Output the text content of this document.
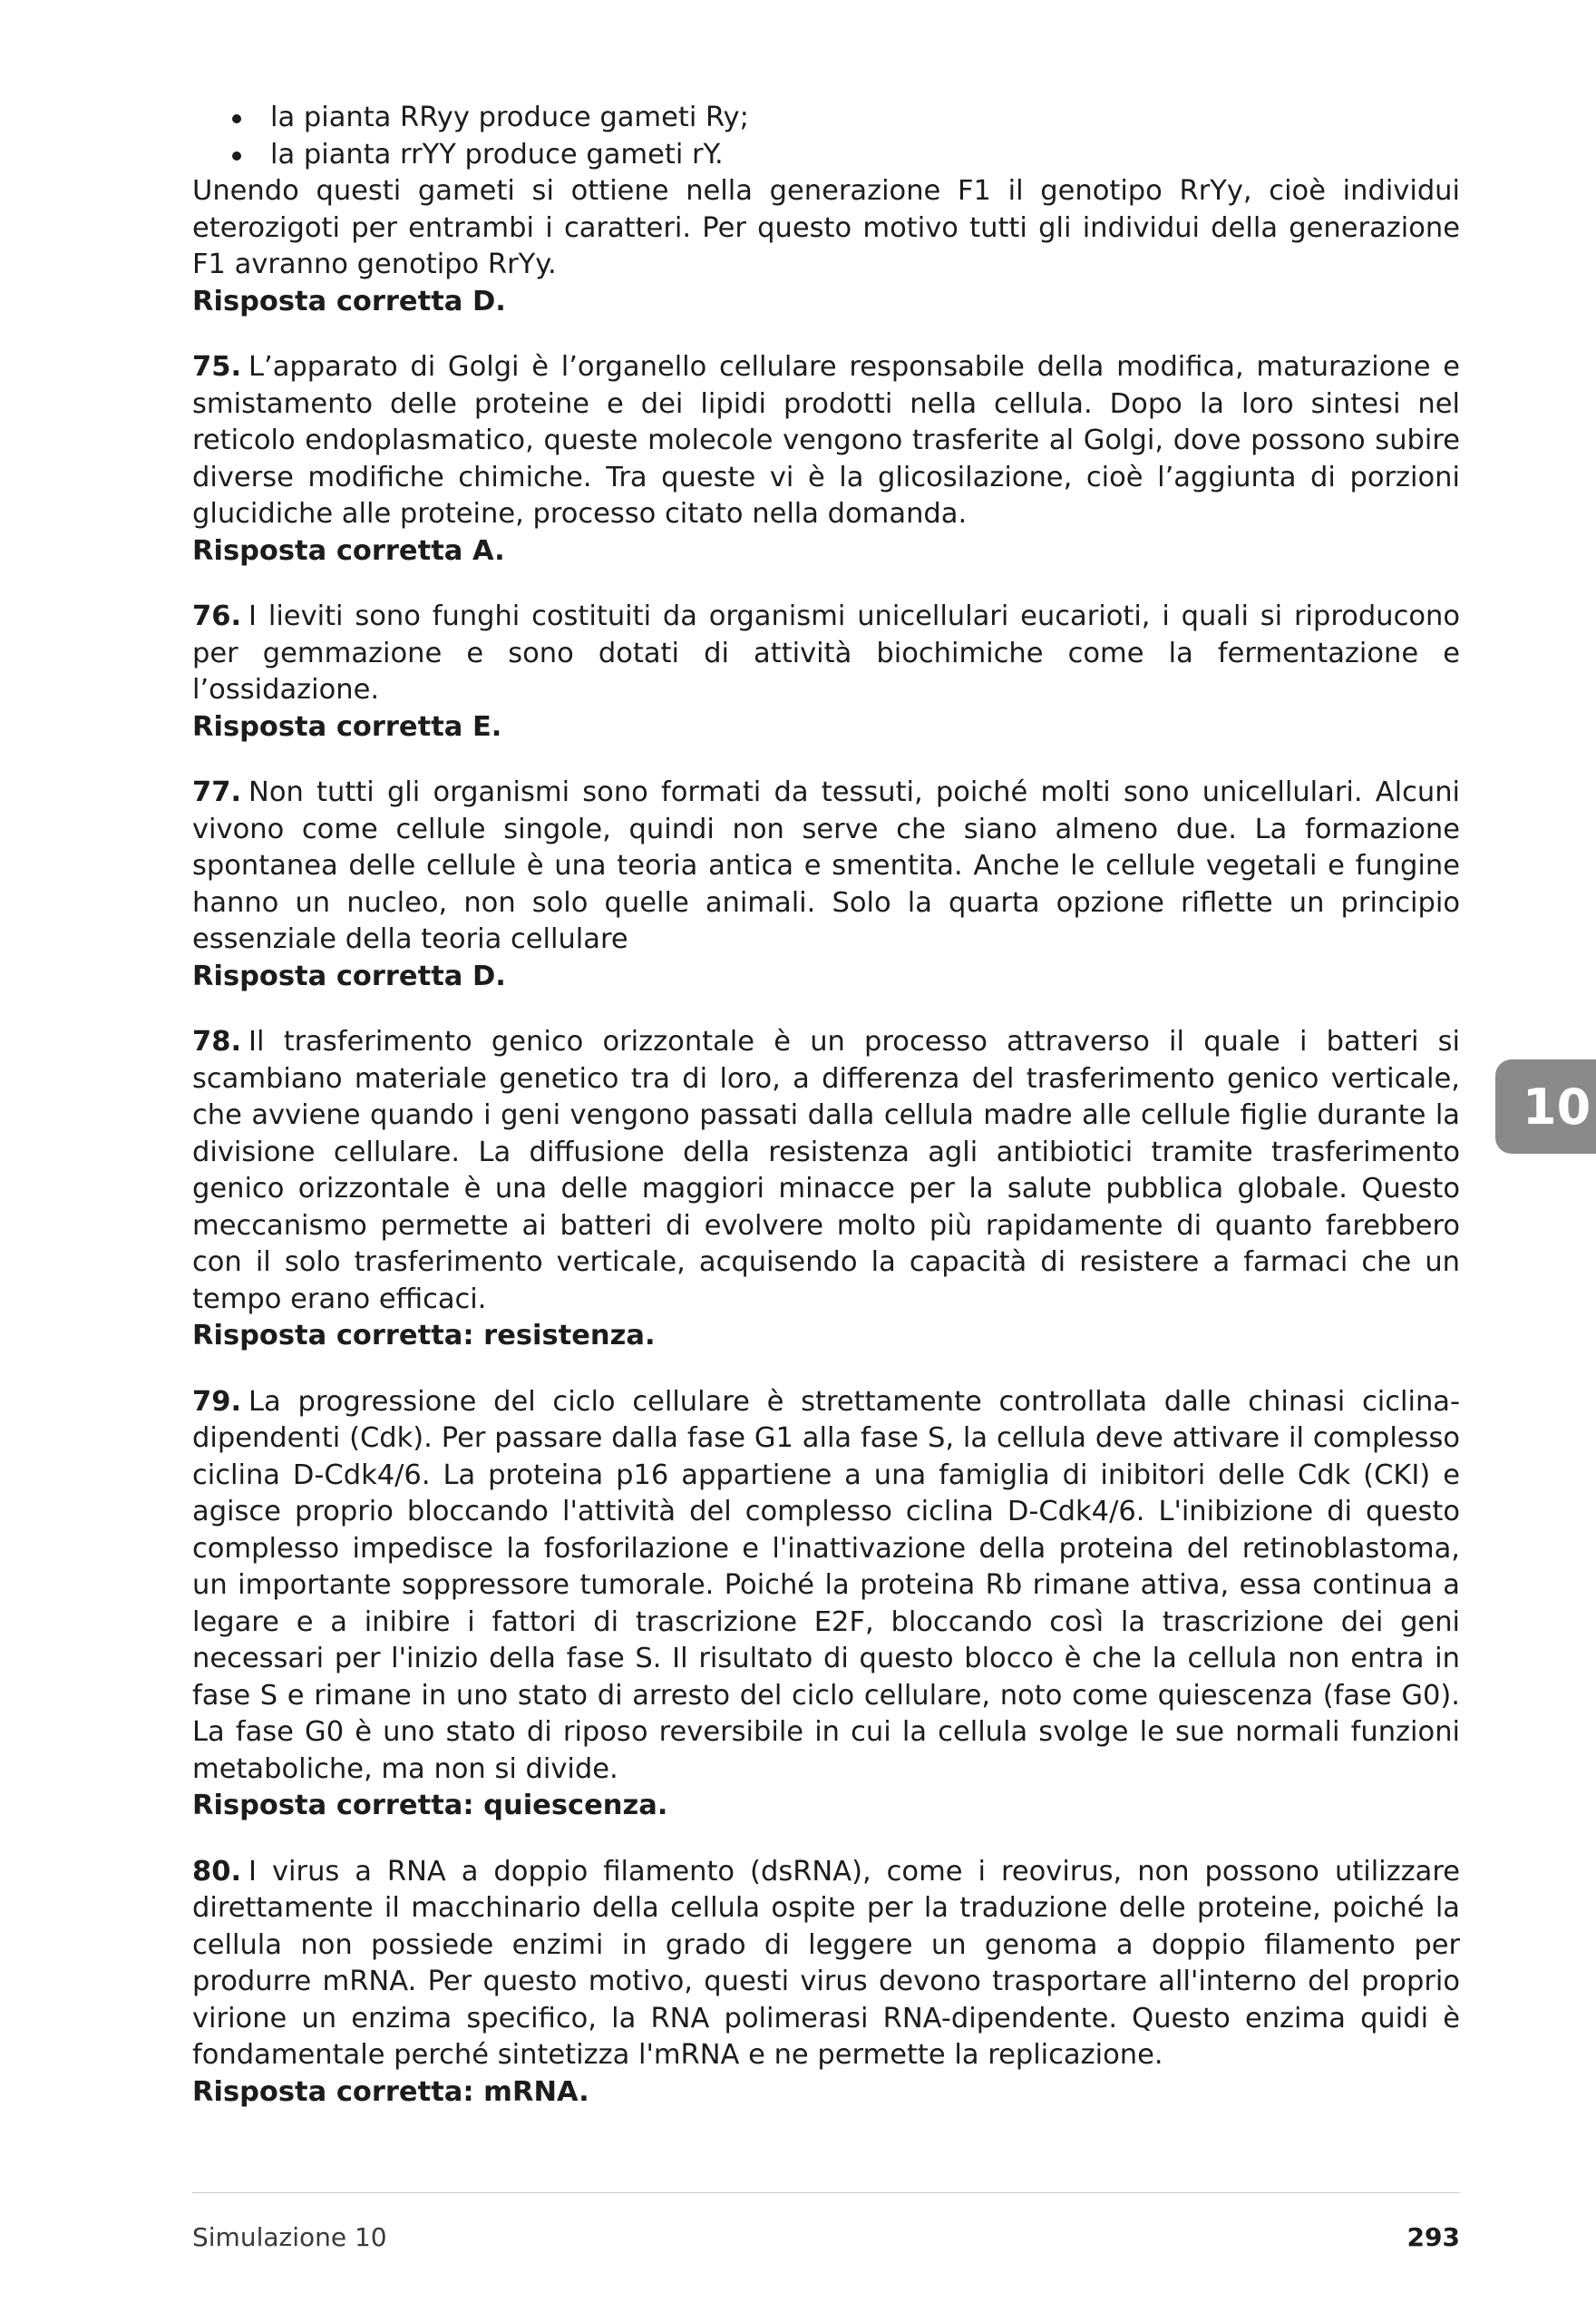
la pianta RRyy produce gameti Ry;
la pianta rrYY produce gameti rY.

Unendo questi gameti si ottiene nella generazione F1 il genotipo RrYy, cioè individui eterozigoti per entrambi i caratteri. Per questo motivo tutti gli individui della generazione F1 avranno genotipo RrYy.

Risposta corretta D.

75. L’apparato di Golgi è l’organello cellulare responsabile della modifica, maturazione e smistamento delle proteine e dei lipidi prodotti nella cellula. Dopo la loro sintesi nel reticolo endoplasmatico, queste molecole vengono trasferite al Golgi, dove possono subire diverse modifiche chimiche. Tra queste vi è la glicosilazione, cioè l’aggiunta di porzioni glucidiche alle proteine, processo citato nella domanda.

Risposta corretta A.

76. I lieviti sono funghi costituiti da organismi unicellulari eucarioti, i quali si riproducono per gemmazione e sono dotati di attività biochimiche come la fermentazione e l’ossidazione.

Risposta corretta E.

77. Non tutti gli organismi sono formati da tessuti, poiché molti sono unicellulari. Alcuni vivono come cellule singole, quindi non serve che siano almeno due. La formazione spontanea delle cellule è una teoria antica e smentita. Anche le cellule vegetali e fungine hanno un nucleo, non solo quelle animali. Solo la quarta opzione riflette un principio essenziale della teoria cellulare

Risposta corretta D.

78. Il trasferimento genico orizzontale è un processo attraverso il quale i batteri si scambiano materiale genetico tra di loro, a differenza del trasferimento genico verticale, che avviene quando i geni vengono passati dalla cellula madre alle cellule figlie durante la divisione cellulare. La diffusione della resistenza agli antibiotici tramite trasferimento genico orizzontale è una delle maggiori minacce per la salute pubblica globale. Questo meccanismo permette ai batteri di evolvere molto più rapidamente di quanto farebbero con il solo trasferimento verticale, acquisendo la capacità di resistere a farmaci che un tempo erano efficaci.

Risposta corretta: resistenza.

79. La progressione del ciclo cellulare è strettamente controllata dalle chinasi ciclina-dipendenti (Cdk). Per passare dalla fase G1 alla fase S, la cellula deve attivare il complesso ciclina D-Cdk4/6. La proteina p16 appartiene a una famiglia di inibitori delle Cdk (CKI) e agisce proprio bloccando l'attività del complesso ciclina D-Cdk4/6. L'inibizione di questo complesso impedisce la fosforilazione e l'inattivazione della proteina del retinoblastoma, un importante soppressore tumorale. Poiché la proteina Rb rimane attiva, essa continua a legare e a inibire i fattori di trascrizione E2F, bloccando così la trascrizione dei geni necessari per l'inizio della fase S. Il risultato di questo blocco è che la cellula non entra in fase S e rimane in uno stato di arresto del ciclo cellulare, noto come quiescenza (fase G0). La fase G0 è uno stato di riposo reversibile in cui la cellula svolge le sue normali funzioni metaboliche, ma non si divide.

Risposta corretta: quiescenza.

80. I virus a RNA a doppio filamento (dsRNA), come i reovirus, non possono utilizzare direttamente il macchinario della cellula ospite per la traduzione delle proteine, poiché la cellula non possiede enzimi in grado di leggere un genoma a doppio filamento per produrre mRNA. Per questo motivo, questi virus devono trasportare all'interno del proprio virione un enzima specifico, la RNA polimerasi RNA-dipendente. Questo enzima quidi è fondamentale perché sintetizza l'mRNA e ne permette la replicazione.

Risposta corretta: mRNA.

10
Simulazione 10	293
